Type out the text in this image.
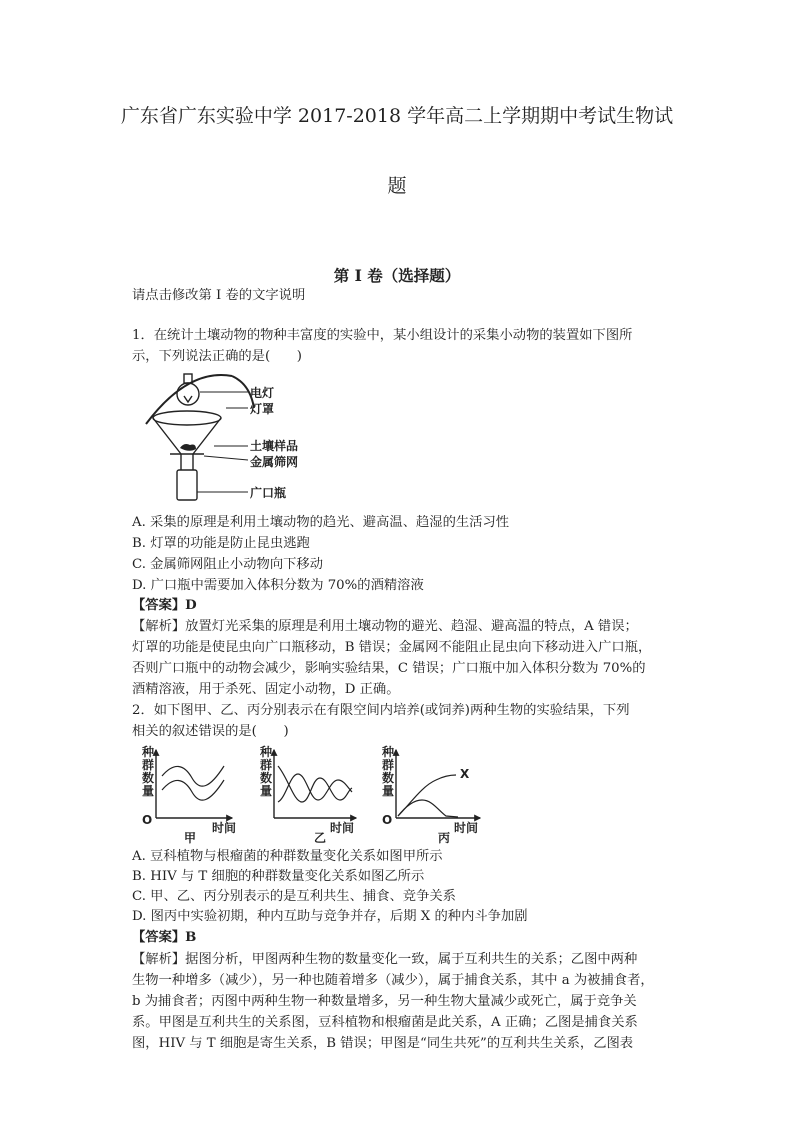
广东省广东实验中学 2017-2018 学年高二上学期期中考试生物试
题
第 I 卷（选择题）
请点击修改第 I 卷的文字说明
1．在统计土壤动物的物种丰富度的实验中，某小组设计的采集小动物的装置如下图所
示，下列说法正确的是(　　)
电灯
灯罩
土壤样品
金属筛网
广口瓶
A. 采集的原理是利用土壤动物的趋光、避高温、趋湿的生活习性
B. 灯罩的功能是防止昆虫逃跑
C. 金属筛网阻止小动物向下移动
D. 广口瓶中需要加入体积分数为 70%的酒精溶液
【答案】D
【解析】放置灯光采集的原理是利用土壤动物的避光、趋湿、避高温的特点，A 错误；
灯罩的功能是使昆虫向广口瓶移动，B 错误；金属网不能阻止昆虫向下移动进入广口瓶，
否则广口瓶中的动物会减少，影响实验结果，C 错误；广口瓶中加入体积分数为 70%的
酒精溶液，用于杀死、固定小动物，D 正确。
2．如下图甲、乙、丙分别表示在有限空间内培养(或饲养)两种生物的实验结果，下列
相关的叙述错误的是(　　)
种
群
数
量
O
时间
甲
种
群
数
量
时间
乙
种
群
数
量
O
时间
丙
X
A. 豆科植物与根瘤菌的种群数量变化关系如图甲所示
B. HIV 与 T 细胞的种群数量变化关系如图乙所示
C. 甲、乙、丙分别表示的是互利共生、捕食、竞争关系
D. 图丙中实验初期，种内互助与竞争并存，后期 X 的种内斗争加剧
【答案】B
【解析】据图分析，甲图两种生物的数量变化一致，属于互利共生的关系；乙图中两种
生物一种增多（减少），另一种也随着增多（减少），属于捕食关系，其中 a 为被捕食者，
b 为捕食者；丙图中两种生物一种数量增多，另一种生物大量减少或死亡，属于竞争关
系。甲图是互利共生的关系图，豆科植物和根瘤菌是此关系，A 正确；乙图是捕食关系
图，HIV 与 T 细胞是寄生关系，B 错误；甲图是“同生共死”的互利共生关系，乙图表
